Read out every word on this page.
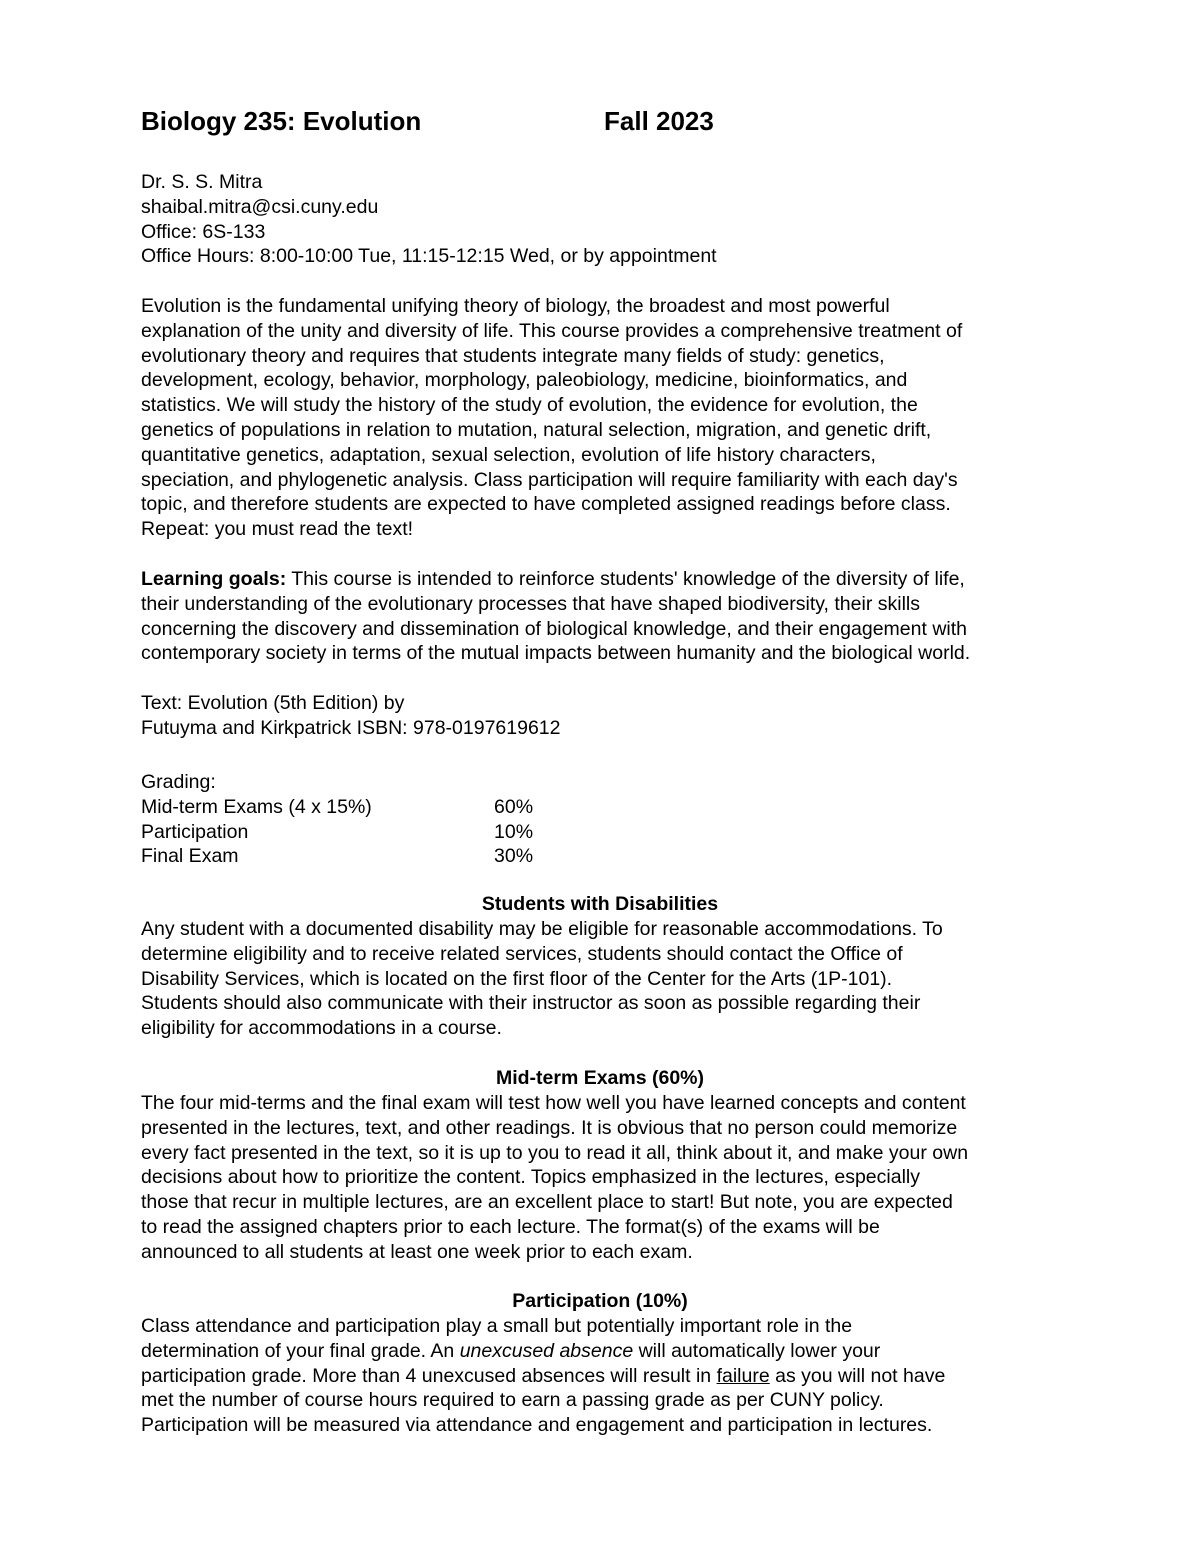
Biology 235: Evolution	Fall 2023
Dr. S. S. Mitra
shaibal.mitra@csi.cuny.edu
Office: 6S-133
Office Hours: 8:00-10:00 Tue, 11:15-12:15 Wed, or by appointment
Evolution is the fundamental unifying theory of biology, the broadest and most powerful
explanation of the unity and diversity of life. This course provides a comprehensive treatment of
evolutionary theory and requires that students integrate many fields of study: genetics,
development, ecology, behavior, morphology, paleobiology, medicine, bioinformatics, and
statistics. We will study the history of the study of evolution, the evidence for evolution, the
genetics of populations in relation to mutation, natural selection, migration, and genetic drift,
quantitative genetics, adaptation, sexual selection, evolution of life history characters,
speciation, and phylogenetic analysis. Class participation will require familiarity with each day's
topic, and therefore students are expected to have completed assigned readings before class.
Repeat: you must read the text!
Learning goals: This course is intended to reinforce students' knowledge of the diversity of life,
their understanding of the evolutionary processes that have shaped biodiversity, their skills
concerning the discovery and dissemination of biological knowledge, and their engagement with
contemporary society in terms of the mutual impacts between humanity and the biological world.
Text: Evolution (5th Edition) by
Futuyma and Kirkpatrick ISBN: 978-0197619612
Grading:
Mid-term Exams (4 x 15%)	60%
Participation	10%
Final Exam	30%
Students with Disabilities
Any student with a documented disability may be eligible for reasonable accommodations. To
determine eligibility and to receive related services, students should contact the Office of
Disability Services, which is located on the first floor of the Center for the Arts (1P-101).
Students should also communicate with their instructor as soon as possible regarding their
eligibility for accommodations in a course.
Mid-term Exams (60%)
The four mid-terms and the final exam will test how well you have learned concepts and content
presented in the lectures, text, and other readings. It is obvious that no person could memorize
every fact presented in the text, so it is up to you to read it all, think about it, and make your own
decisions about how to prioritize the content. Topics emphasized in the lectures, especially
those that recur in multiple lectures, are an excellent place to start! But note, you are expected
to read the assigned chapters prior to each lecture. The format(s) of the exams will be
announced to all students at least one week prior to each exam.
Participation (10%)
Class attendance and participation play a small but potentially important role in the
determination of your final grade. An unexcused absence will automatically lower your
participation grade. More than 4 unexcused absences will result in failure as you will not have
met the number of course hours required to earn a passing grade as per CUNY policy.
Participation will be measured via attendance and engagement and participation in lectures.
